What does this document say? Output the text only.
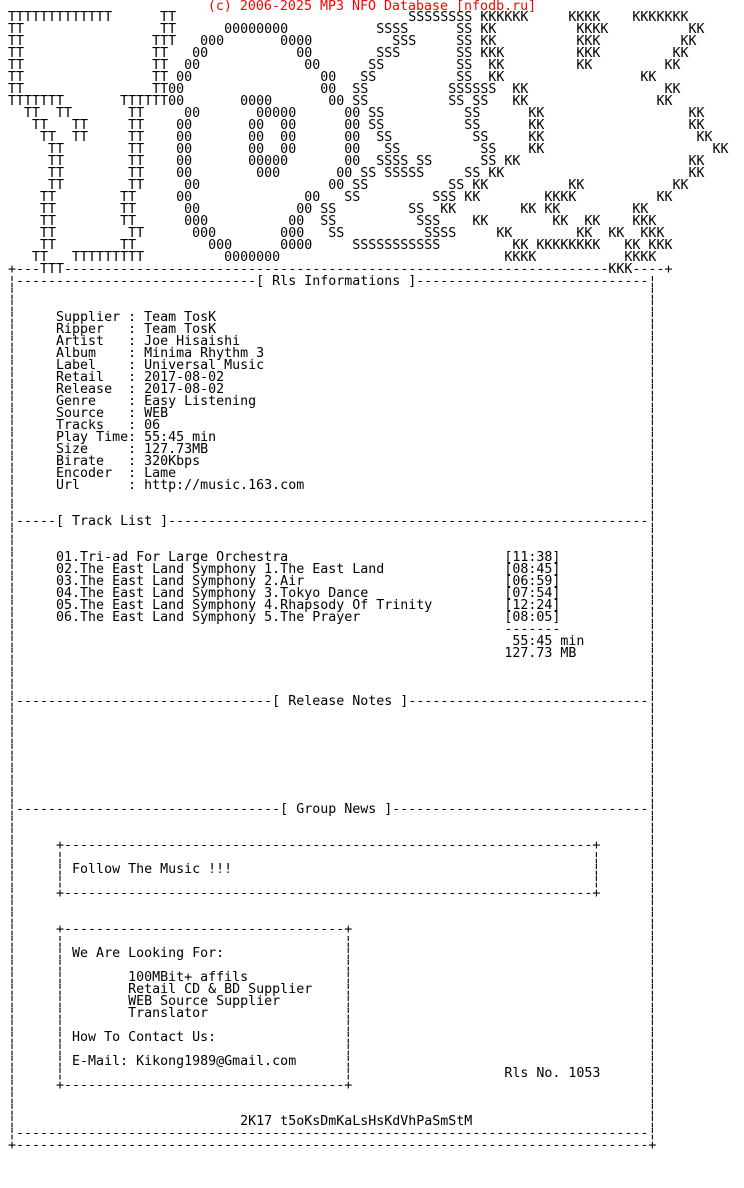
(c) 2006-2025 MP3 NFO Database [nfodb.ru]
TTTTTTTTTTTTT      TT                             SSSSSSSS KKKKKK     KKKK    KKKKKKK
TT                 TT      00000000           SSSS      SS KK          KKKK          KK
TT                TTT   000       0000          SSS     SS KK          KKK          KK
TT                TT   00           00        SSS       SS KKK         KKK         KK
TT                TT  00             00      SS         SS  KK         KK         KK
TT                TT 00                00   SS          SS  KK                 KK
TT                TT00                 00  SS          SSSSSS  KK                 KK
TTTTTTT       TTTTTT00       0000       00 SS          SS SS   KK                KK
TT  TT       TT     00       00000      00 SS          SS      KK                  KK
TT   TT     TT    00       00  00      00 SS          SS      KK                  KK
TT  TT     TT    00       00  00      00  SS          SS     KK                   KK
TT        TT    00       00  00      00   SS          SS    KK                     KK
TT        TT    00       00000       00  SSSS SS      SS KK                     KK
TT        TT    00        000       00 SS SSSSS     SS KK                       KK
TT        TT     00                00 SS          SS KK          KK           KK
TT        TT     00              00   SS         SSS KK        KKKK          KK
TT        TT      00            00 SS         SS  KK        KK KK         KK
TT        TT      000          00  SS          SSS    KK        KK  KK    KKK
TT         TT      000        000   SS          SSSS     KK        KK  KK  KKK
TT        TT         000      0000     SSSSSSSSSSS         KK KKKKKKKK   KK KKK
TT   TTTTTTTTT          0000000                            KKKK           KKKK
+---TTT--------------------------------------------------------------------KKK----+
¦------------------------------[ Rls Informations ]-----------------------------¦
¦                                                                               ¦
¦                                                                               ¦
¦     Supplier : Team TosK                                                      ¦
¦     Ripper   : Team TosK                                                      ¦
¦     Artist   : Joe Hisaishi                                                   ¦
¦     Album    : Minima Rhythm 3                                                ¦
¦     Label    : Universal Music                                                ¦
¦     Retail   : 2017-08-02                                                     ¦
¦     Release  : 2017-08-02                                                     ¦
¦     Genre    : Easy Listening                                                 ¦
¦     Source   : WEB                                                            ¦
¦     Tracks   : 06                                                             ¦
¦     Play Time: 55:45 min                                                      ¦
¦     Size     : 127.73MB                                                       ¦
¦     Birate   : 320Kbps                                                        ¦
¦     Encoder  : Lame                                                           ¦
¦     Url      : http://music.163.com                                           ¦
¦                                                                               ¦
¦                                                                               ¦
¦-----[ Track List ]------------------------------------------------------------¦
¦                                                                               ¦
¦                                                                               ¦
¦     01.Tri-ad For Large Orchestra                           [11:38]           ¦
¦     02.The East Land Symphony 1.The East Land               [08:45]           ¦
¦     03.The East Land Symphony 2.Air                         [06:59]           ¦
¦     04.The East Land Symphony 3.Tokyo Dance                 [07:54]           ¦
¦     05.The East Land Symphony 4.Rhapsody Of Trinity         [12:24]           ¦
¦     06.The East Land Symphony 5.The Prayer                  [08:05]           ¦
¦                                                             -------           ¦
¦                                                              55:45 min        ¦
¦                                                             127.73 MB         ¦
¦                                                                               ¦
¦                                                                               ¦
¦                                                                               ¦
¦--------------------------------[ Release Notes ]------------------------------¦
¦                                                                               ¦
¦                                                                               ¦
¦                                                                               ¦
¦                                                                               ¦
¦                                                                               ¦
¦                                                                               ¦
¦                                                                               ¦
¦                                                                               ¦
¦---------------------------------[ Group News ]--------------------------------¦
¦                                                                               ¦
¦                                                                               ¦
¦     +------------------------------------------------------------------+      ¦
¦     ¦                                                                  ¦      ¦
¦     ¦ Follow The Music !!!                                             ¦      ¦
¦     ¦                                                                  ¦      ¦
¦     +------------------------------------------------------------------+      ¦
¦                                                                               ¦
¦                                                                               ¦
¦     +-----------------------------------+                                     ¦
¦     ¦                                   ¦                                     ¦
¦     ¦ We Are Looking For:               ¦                                     ¦
¦     ¦                                   ¦                                     ¦
¦     ¦        100MBit+ affils            ¦                                     ¦
¦     ¦        Retail CD & BD Supplier    ¦                                     ¦
¦     ¦        WEB Source Supplier        ¦                                     ¦
¦     ¦        Translator                 ¦                                     ¦
¦     ¦                                   ¦                                     ¦
¦     ¦ How To Contact Us:                ¦                                     ¦
¦     ¦                                   ¦                                     ¦
¦     ¦ E-Mail: Kikong1989@Gmail.com      ¦                                     ¦
¦     ¦                                   ¦                   Rls No. 1053      ¦
¦     +-----------------------------------+                                     ¦
¦                                                                               ¦
¦                                                                               ¦
¦                            2K17 t5oKsDmKaLsHsKdVhPaSmStM                      ¦
¦-------------------------------------------------------------------------------¦
+-------------------------------------------------------------------------------+
